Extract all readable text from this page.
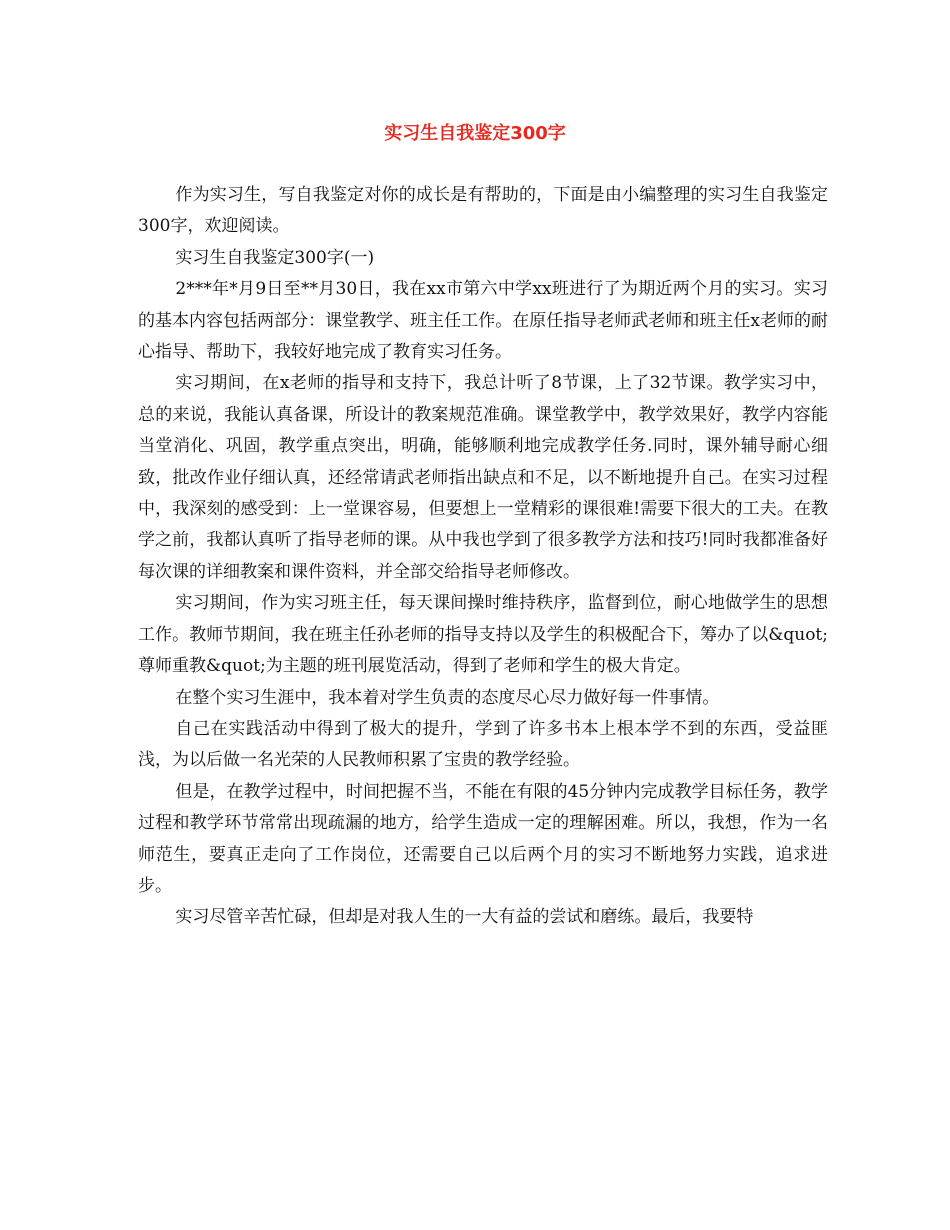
实习生自我鉴定300字

作为实习生，写自我鉴定对你的成长是有帮助的，下面是由小编整理的实习生自我鉴定300字，欢迎阅读。

实习生自我鉴定300字(一)

2***年*月9日至**月30日，我在xx市第六中学xx班进行了为期近两个月的实习。实习的基本内容包括两部分：课堂教学、班主任工作。在原任指导老师武老师和班主任x老师的耐心指导、帮助下，我较好地完成了教育实习任务。

实习期间，在x老师的指导和支持下，我总计听了8节课，上了32节课。教学实习中，总的来说，我能认真备课，所设计的教案规范准确。课堂教学中，教学效果好，教学内容能当堂消化、巩固，教学重点突出，明确，能够顺利地完成教学任务.同时，课外辅导耐心细致，批改作业仔细认真，还经常请武老师指出缺点和不足，以不断地提升自己。在实习过程中，我深刻的感受到：上一堂课容易，但要想上一堂精彩的课很难!需要下很大的工夫。在教学之前，我都认真听了指导老师的课。从中我也学到了很多教学方法和技巧!同时我都准备好每次课的详细教案和课件资料，并全部交给指导老师修改。

实习期间，作为实习班主任，每天课间操时维持秩序，监督到位，耐心地做学生的思想工作。教师节期间，我在班主任孙老师的指导支持以及学生的积极配合下，筹办了以&quot;尊师重教&quot;为主题的班刊展览活动，得到了老师和学生的极大肯定。

在整个实习生涯中，我本着对学生负责的态度尽心尽力做好每一件事情。

自己在实践活动中得到了极大的提升，学到了许多书本上根本学不到的东西，受益匪浅，为以后做一名光荣的人民教师积累了宝贵的教学经验。

但是，在教学过程中，时间把握不当，不能在有限的45分钟内完成教学目标任务，教学过程和教学环节常常出现疏漏的地方，给学生造成一定的理解困难。所以，我想，作为一名师范生，要真正走向了工作岗位，还需要自己以后两个月的实习不断地努力实践，追求进步。

实习尽管辛苦忙碌，但却是对我人生的一大有益的尝试和磨练。最后，我要特
